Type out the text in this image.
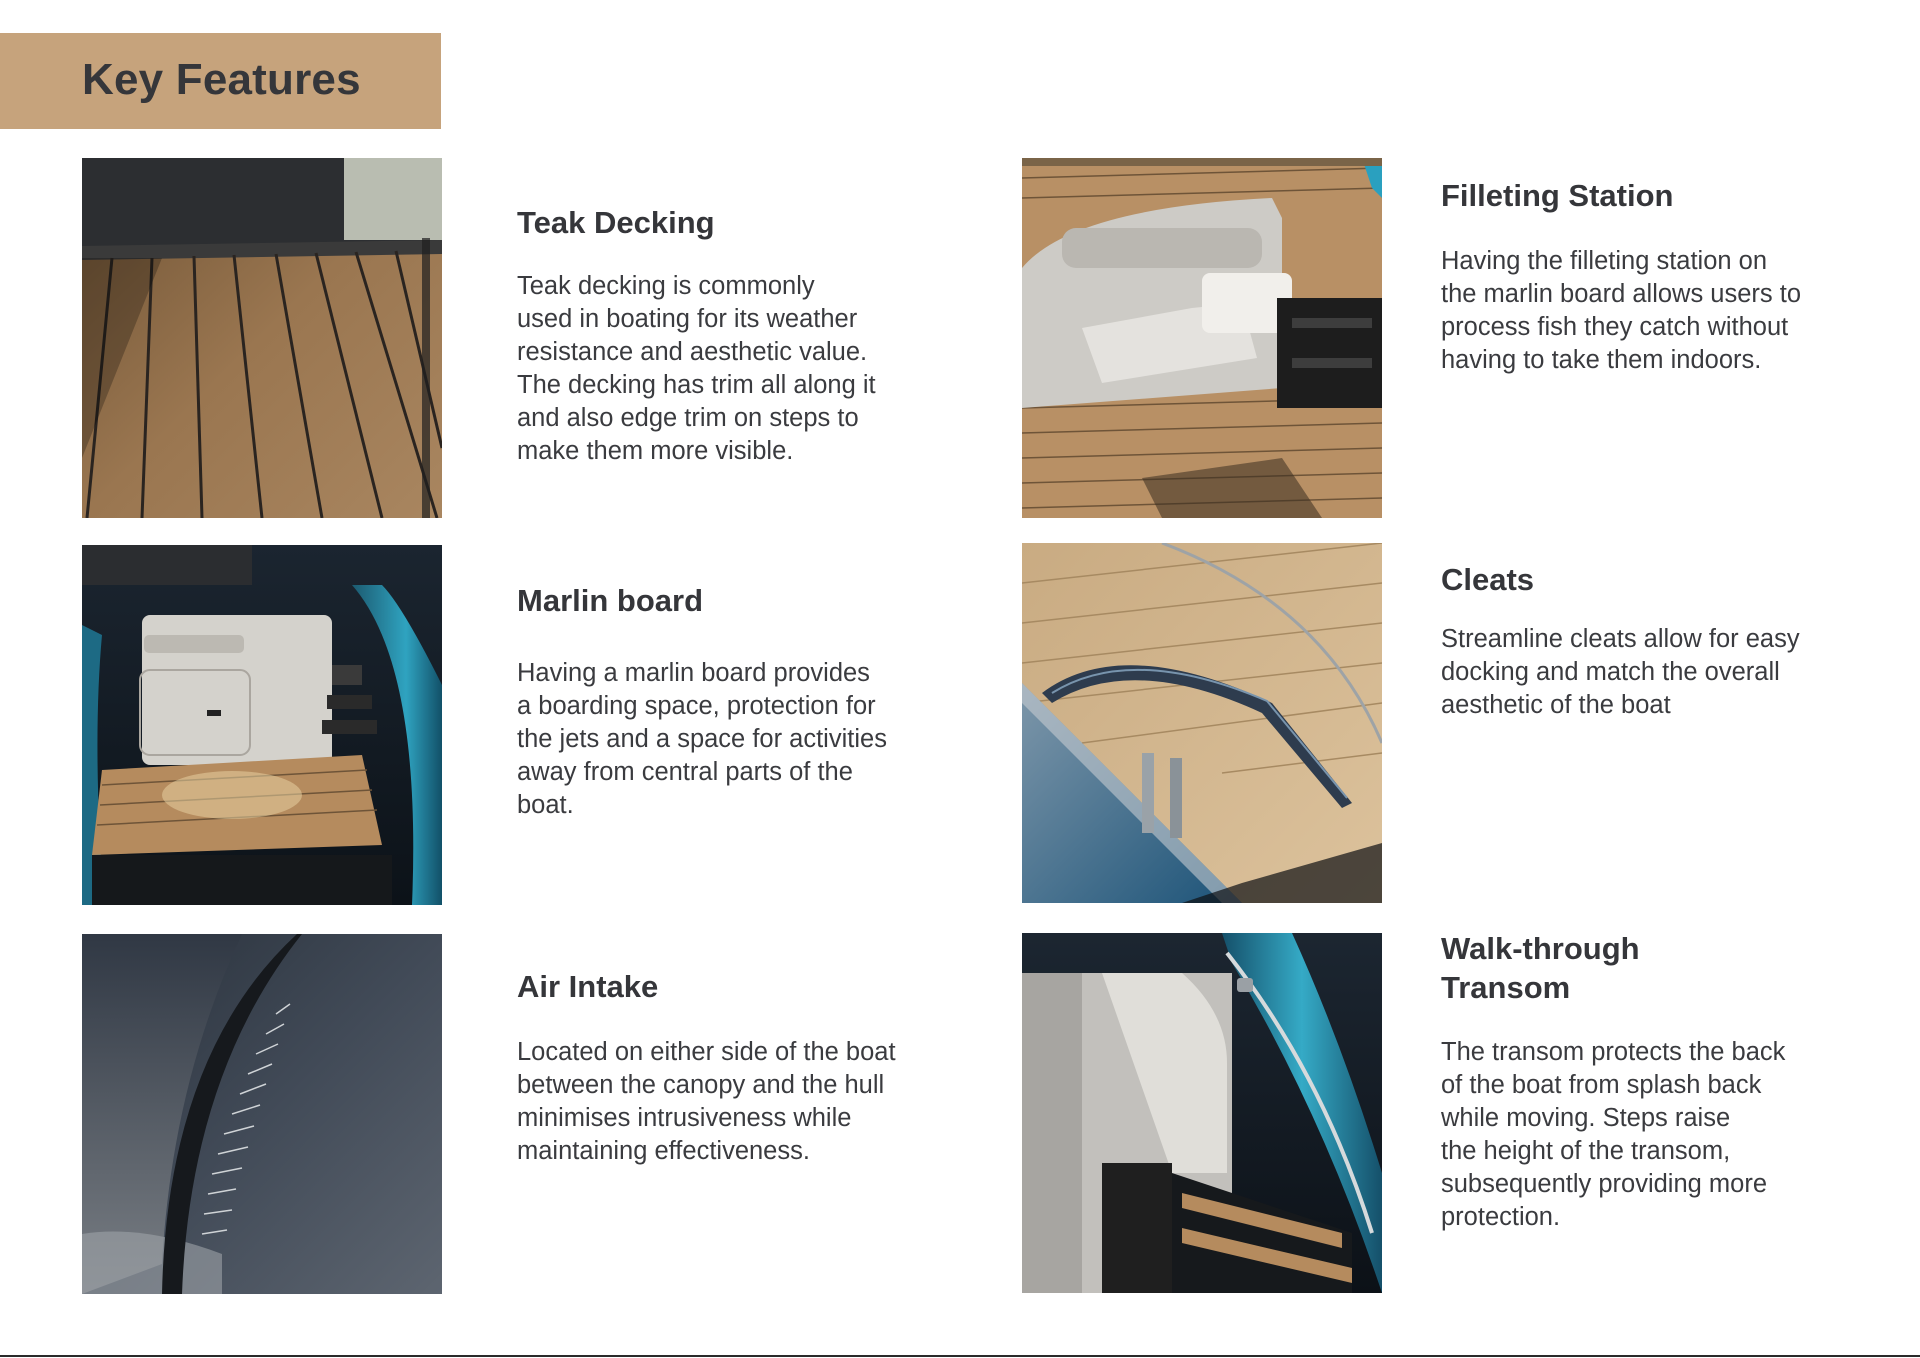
Key Features
Teak Decking

Teak decking is commonly
used in boating for its weather
resistance and aesthetic value.
The decking has trim all along it
and also edge trim on steps to
make them more visible.

Marlin board

Having a marlin board provides
a boarding space, protection for
the jets and a space for activities
away from central parts of the
boat.

Air Intake

Located on either side of the boat
between the canopy and the hull
minimises intrusiveness while
maintaining effectiveness.

Filleting Station

Having the filleting station on
the marlin board allows users to
process fish they catch without
having to take them indoors.

Cleats

Streamline cleats allow for easy
docking and match the overall
aesthetic of the boat

Walk-through
Transom

The transom protects the back
of the boat from splash back
while moving. Steps raise
the height of the transom,
subsequently providing more
protection.
